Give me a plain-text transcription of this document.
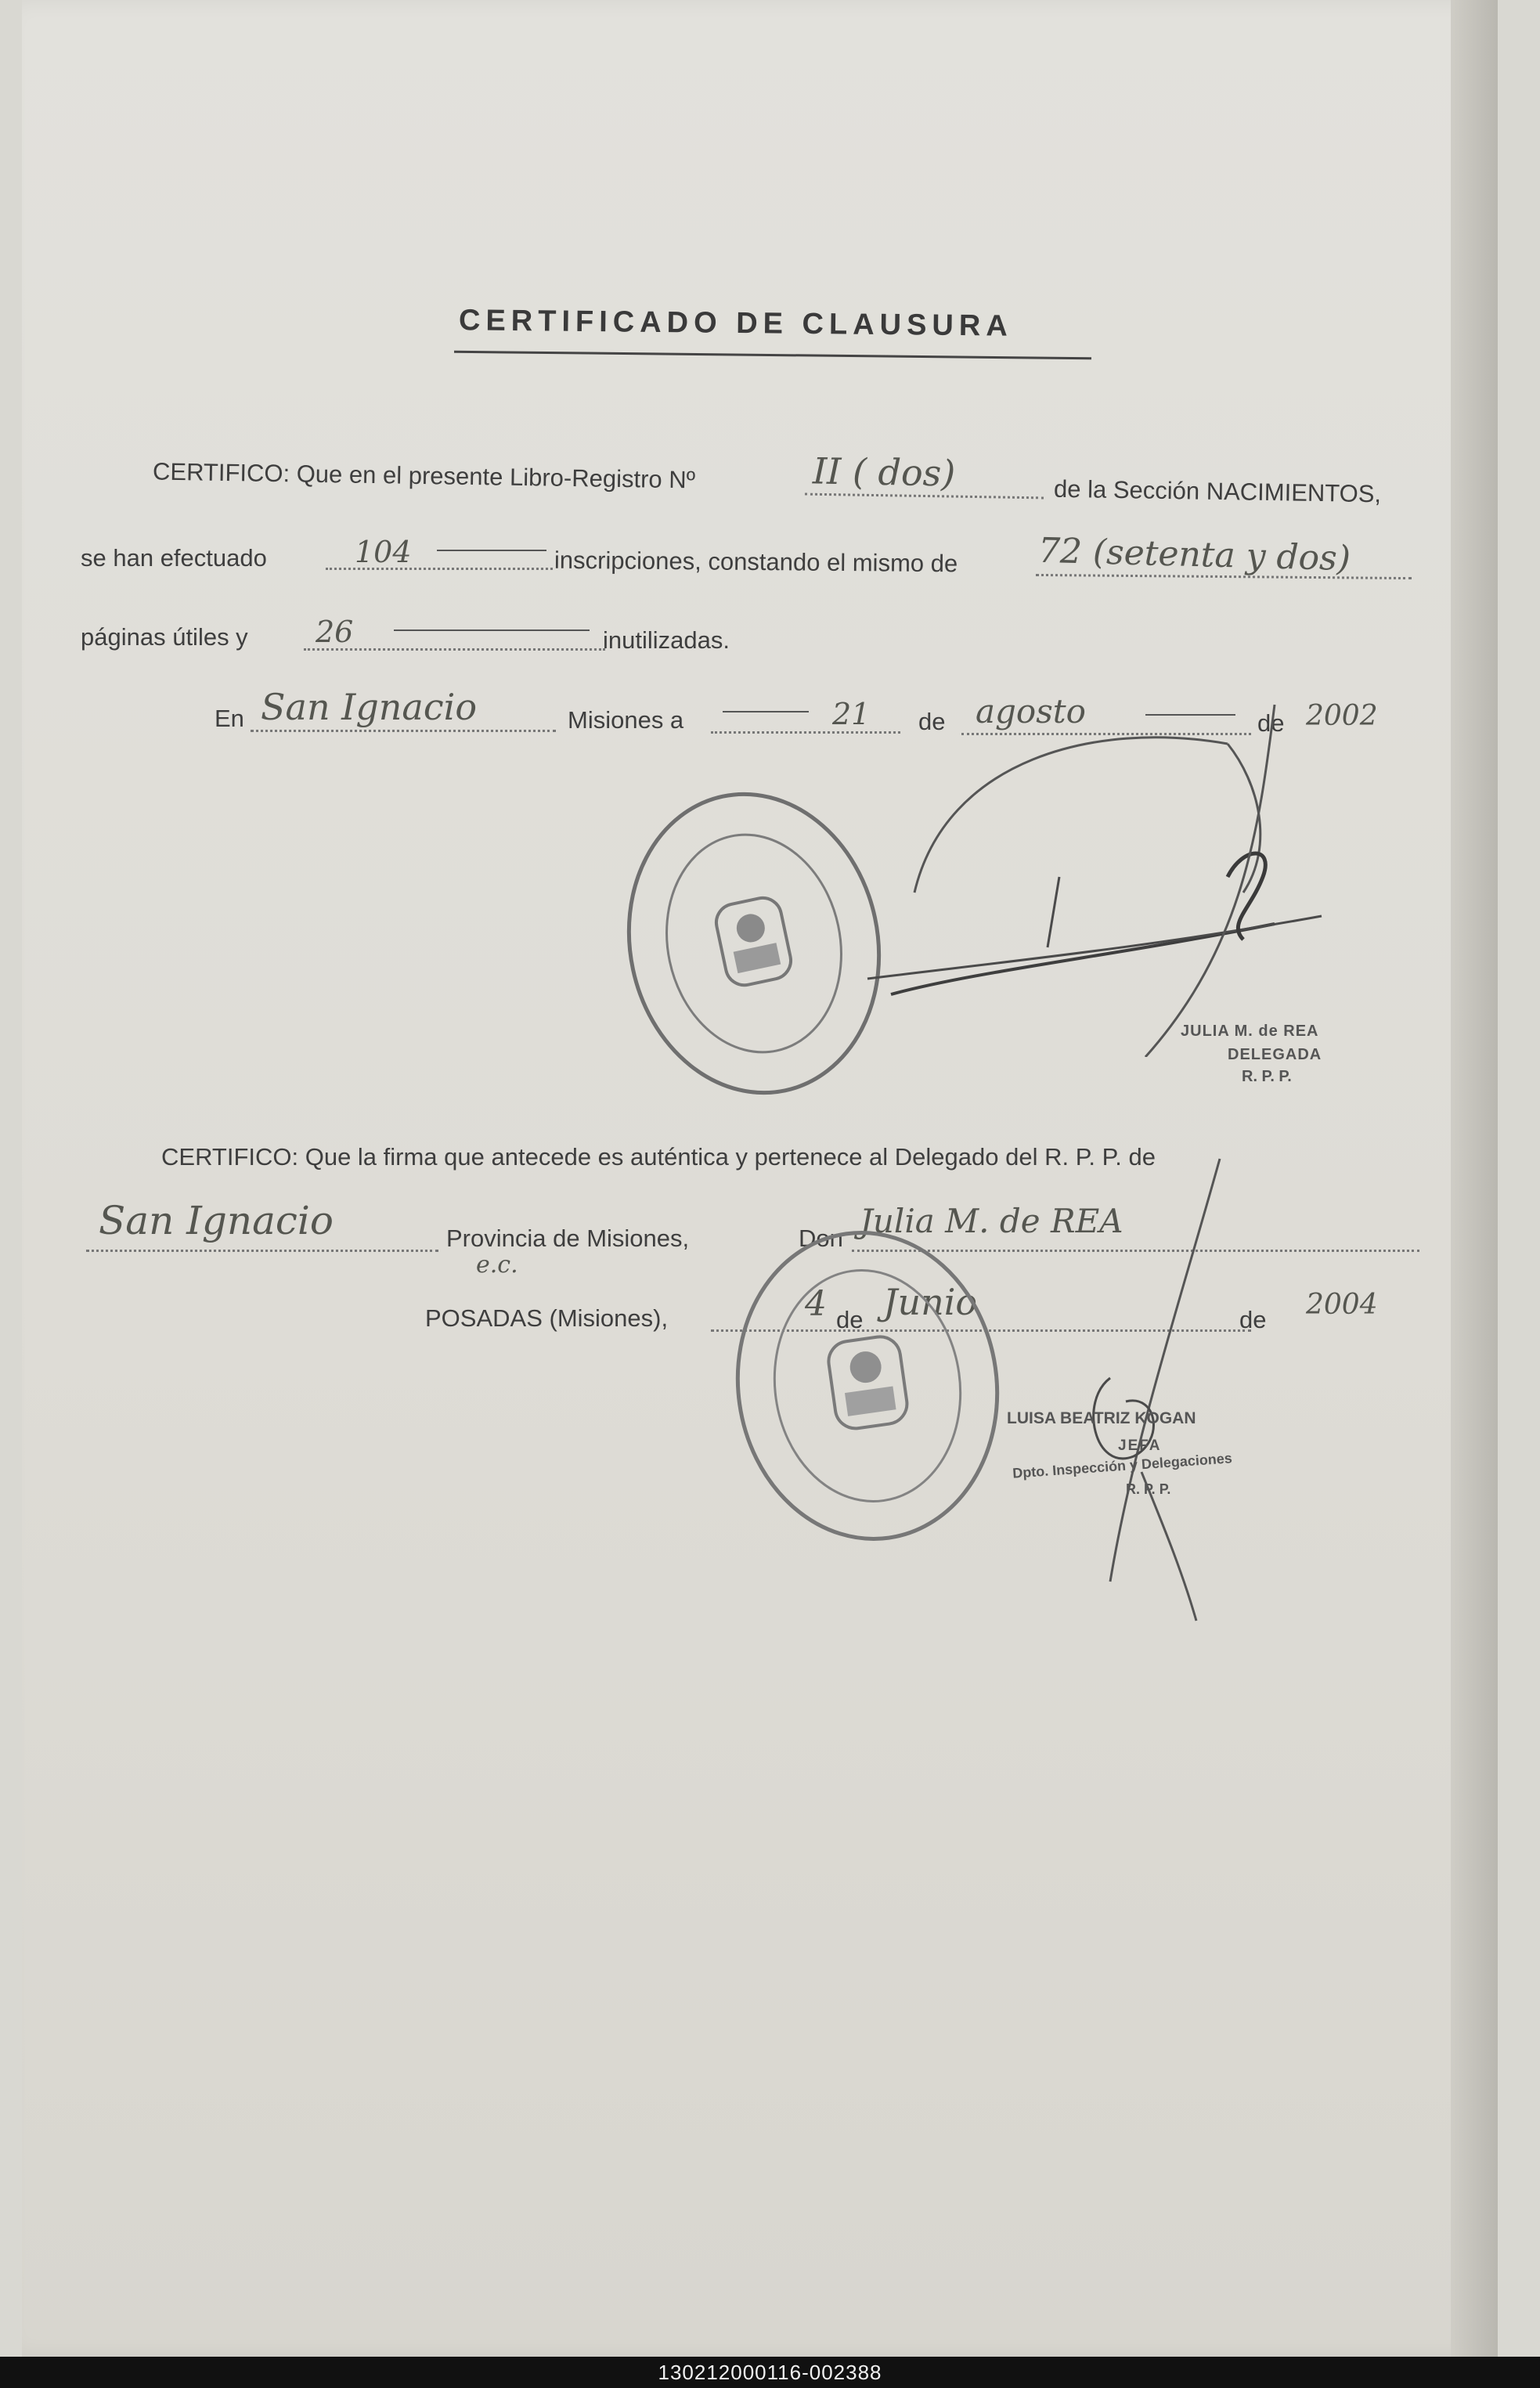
CERTIFICADO DE CLAUSURA
CERTIFICO: Que en el presente Libro-Registro Nº	II ( dos)	de la Sección NACIMIENTOS,
se han efectuado	104	inscripciones, constando el mismo de 72 (setenta y dos)
páginas útiles y 26	inutilizadas.
En San Ignacio	Misiones a	21 de agosto	de 2002
JULIA M. de REA
DELEGADA
R. P. P.
CERTIFICO: Que la firma que antecede es auténtica y pertenece al Delegado del R. P. P. de
San Ignacio	Provincia de Misiones,	Don Julia M. de REA
e.c.
POSADAS (Misiones),	4 de Junio	de 2004
LUISA BEATRIZ KOGAN
JEFA
Dpto. Inspección y Delegaciones
R. P. P.
130212000116-002388
